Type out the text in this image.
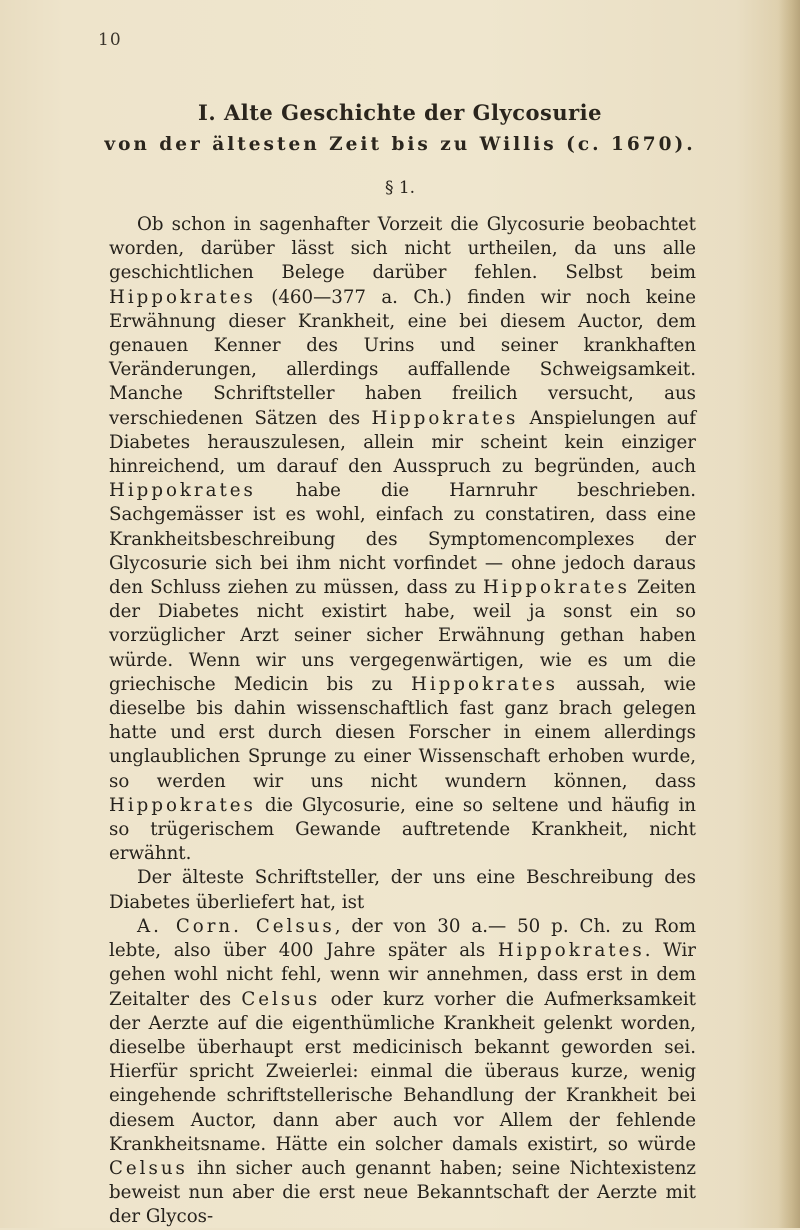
10
I. Alte Geschichte der Glycosurie
von der ältesten Zeit bis zu Willis (c. 1670).
§ 1.

Ob schon in sagenhafter Vorzeit die Glycosurie beobachtet worden, darüber lässt sich nicht urtheilen, da uns alle geschichtlichen Belege darüber fehlen. Selbst beim Hippokrates (460—377 a. Ch.) finden wir noch keine Erwähnung dieser Krankheit, eine bei diesem Auctor, dem genauen Kenner des Urins und seiner krankhaften Veränderungen, allerdings auffallende Schweigsamkeit. Manche Schriftsteller haben freilich versucht, aus verschiedenen Sätzen des Hippokrates Anspielungen auf Diabetes herauszulesen, allein mir scheint kein einziger hinreichend, um darauf den Ausspruch zu begründen, auch Hippokrates habe die Harnruhr beschrieben. Sachgemässer ist es wohl, einfach zu constatiren, dass eine Krankheitsbeschreibung des Symptomencomplexes der Glycosurie sich bei ihm nicht vorfindet — ohne jedoch daraus den Schluss ziehen zu müssen, dass zu Hippokrates Zeiten der Diabetes nicht existirt habe, weil ja sonst ein so vorzüglicher Arzt seiner sicher Erwähnung gethan haben würde. Wenn wir uns vergegenwärtigen, wie es um die griechische Medicin bis zu Hippokrates aussah, wie dieselbe bis dahin wissenschaftlich fast ganz brach gelegen hatte und erst durch diesen Forscher in einem allerdings unglaublichen Sprunge zu einer Wissenschaft erhoben wurde, so werden wir uns nicht wundern können, dass Hippokrates die Glycosurie, eine so seltene und häufig in so trügerischem Gewande auftretende Krankheit, nicht erwähnt.

Der älteste Schriftsteller, der uns eine Beschreibung des Diabetes überliefert hat, ist

A. Corn. Celsus, der von 30 a.— 50 p. Ch. zu Rom lebte, also über 400 Jahre später als Hippokrates. Wir gehen wohl nicht fehl, wenn wir annehmen, dass erst in dem Zeitalter des Celsus oder kurz vorher die Aufmerksamkeit der Aerzte auf die eigenthümliche Krankheit gelenkt worden, dieselbe überhaupt erst medicinisch bekannt geworden sei. Hierfür spricht Zweierlei: einmal die überaus kurze, wenig eingehende schriftstellerische Behandlung der Krankheit bei diesem Auctor, dann aber auch vor Allem der fehlende Krankheitsname. Hätte ein solcher damals existirt, so würde Celsus ihn sicher auch genannt haben; seine Nichtexistenz beweist nun aber die erst neue Bekanntschaft der Aerzte mit der Glycos-
